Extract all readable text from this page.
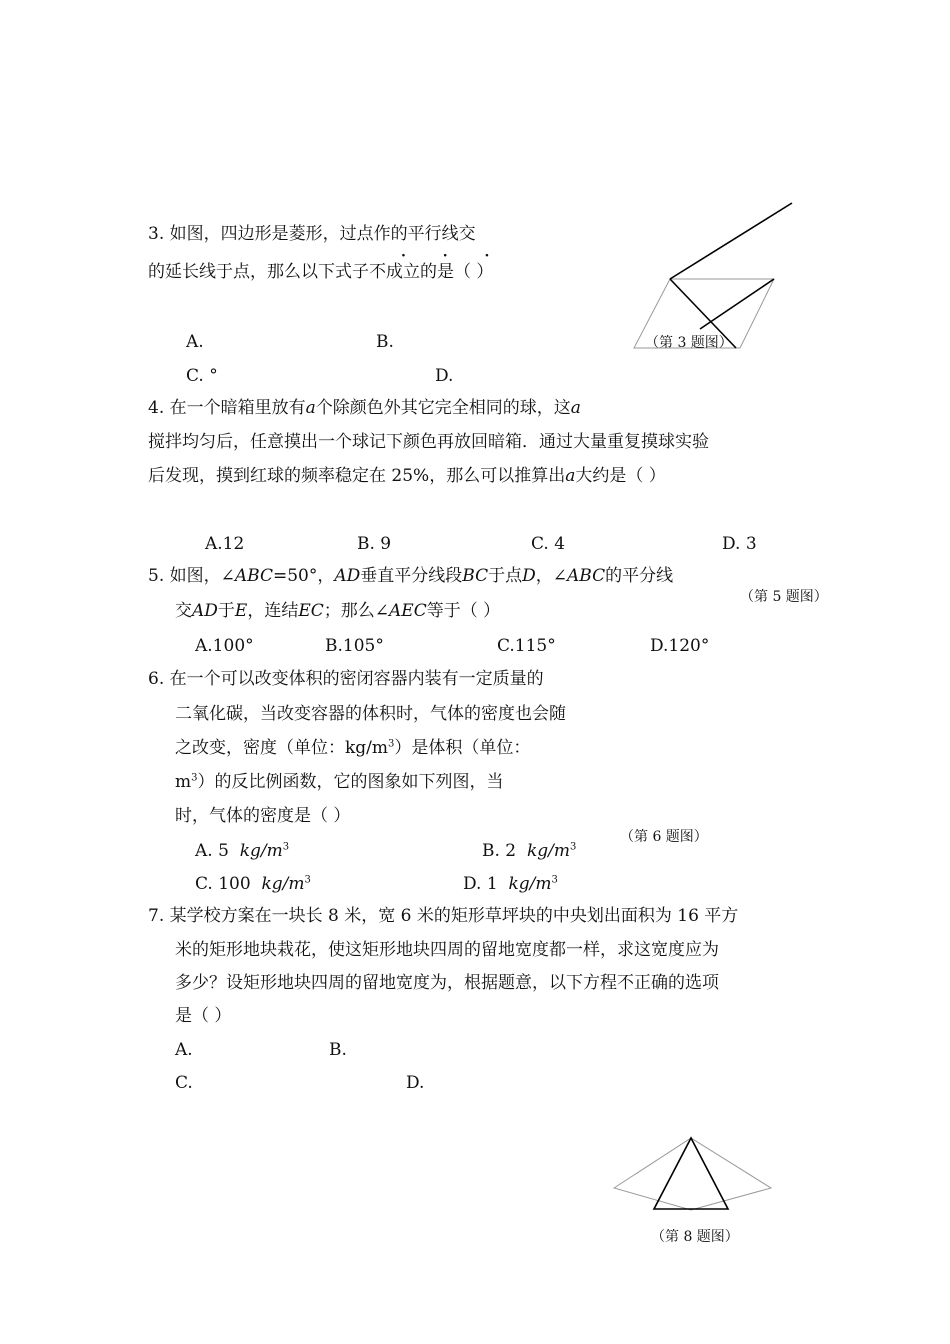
3. 如图，四边形是菱形，过点作的平行线交
· · ·
的延长线于点，那么以下式子不成立的是（ ）
A.	B.
C. °	D.
（第 3 题图）
4. 在一个暗箱里放有a个除颜色外其它完全相同的球，这a
搅拌均匀后，任意摸出一个球记下颜色再放回暗箱．通过大量重复摸球实验
后发现，摸到红球的频率稳定在 25%，那么可以推算出a大约是（ ）
A.12	B. 9	C. 4	D. 3
5. 如图，∠ABC=50°，AD垂直平分线段BC于点D，∠ABC的平分线
（第 5 题图）
交AD于E，连结EC；那么∠AEC等于（ ）
A.100°	B.105°	C.115°	D.120°
6. 在一个可以改变体积的密闭容器内装有一定质量的
二氧化碳，当改变容器的体积时，气体的密度也会随
之改变，密度（单位：$kg/m^3$）是体积（单位：
$m^3$）的反比例函数，它的图象如下列图，当
时，气体的密度是（ ）
（第 6 题图）
A. 5 $kg/m^3$	B. 2 $kg/m^3$
C. 100 $kg/m^3$	D. 1 $kg/m^3$
7. 某学校方案在一块长 8 米，宽 6 米的矩形草坪块的中央划出面积为 16 平方
米的矩形地块栽花，使这矩形地块四周的留地宽度都一样，求这宽度应为
多少？设矩形地块四周的留地宽度为，根据题意，以下方程不正确的选项
是（ ）
A.	B.
C.	D.
（第 8 题图）
